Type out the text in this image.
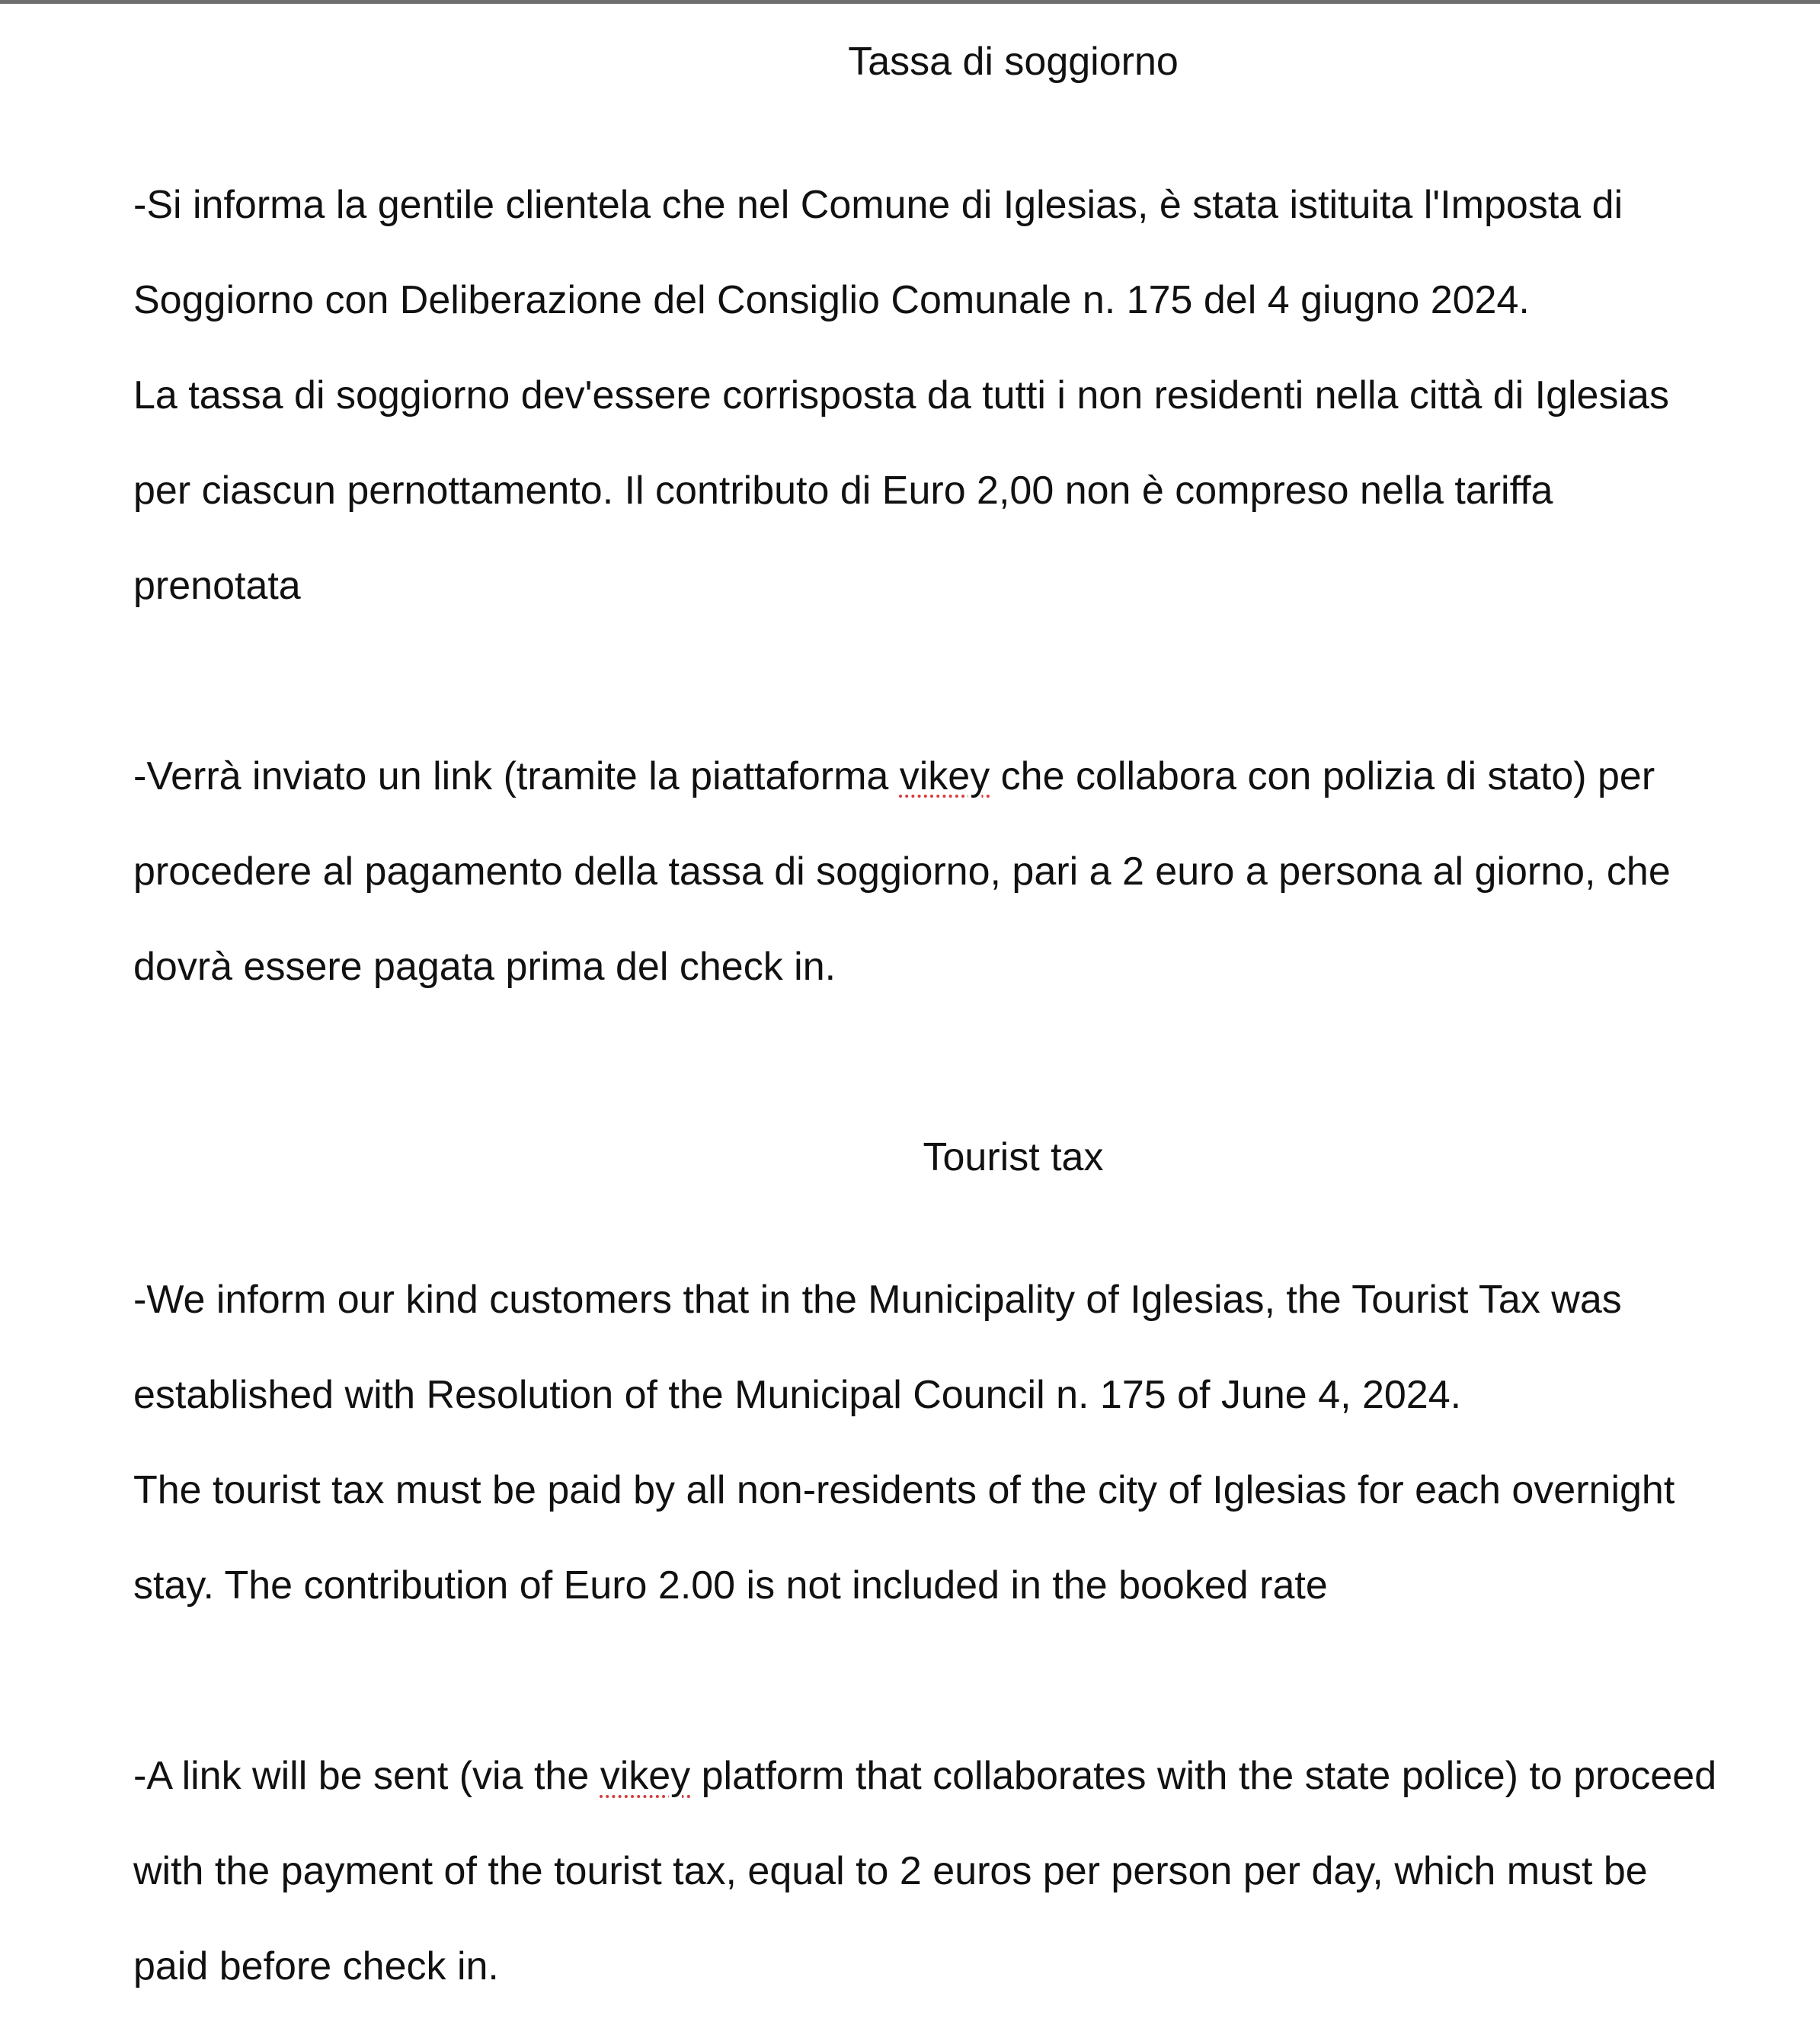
Tassa di soggiorno

-Si informa la gentile clientela che nel Comune di Iglesias, è stata istituita l'Imposta di

Soggiorno con Deliberazione del Consiglio Comunale n. 175 del 4 giugno 2024.

La tassa di soggiorno dev'essere corrisposta da tutti i non residenti nella città di Iglesias

per ciascun pernottamento. Il contributo di Euro 2,00 non è compreso nella tariffa

prenotata

-Verrà inviato un link (tramite la piattaforma vikey che collabora con polizia di stato) per

procedere al pagamento della tassa di soggiorno, pari a 2 euro a persona al giorno, che

dovrà essere pagata prima del check in.

Tourist tax

-We inform our kind customers that in the Municipality of Iglesias, the Tourist Tax was

established with Resolution of the Municipal Council n. 175 of June 4, 2024.

The tourist tax must be paid by all non-residents of the city of Iglesias for each overnight

stay. The contribution of Euro 2.00 is not included in the booked rate

-A link will be sent (via the vikey platform that collaborates with the state police) to proceed

with the payment of the tourist tax, equal to 2 euros per person per day, which must be

paid before check in.
